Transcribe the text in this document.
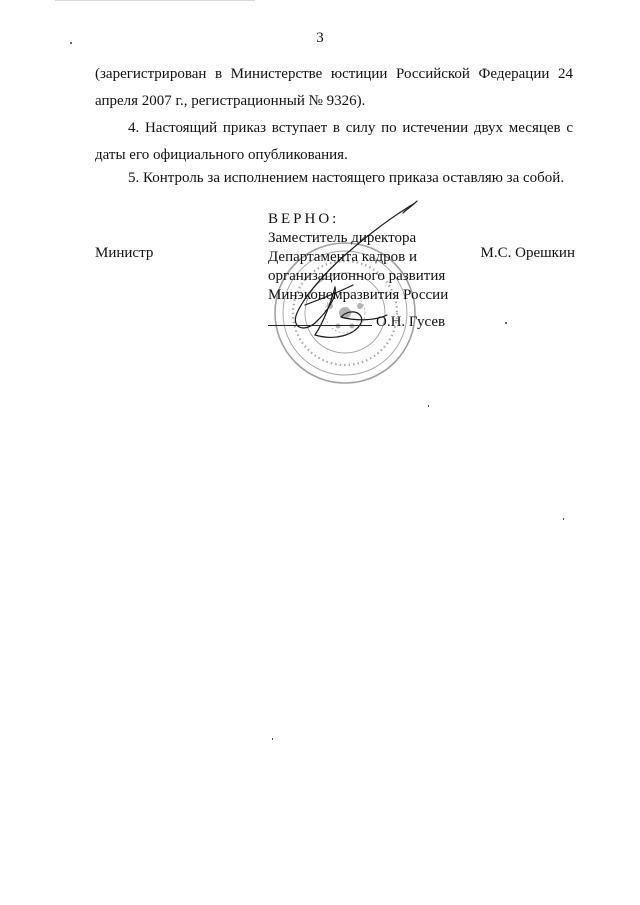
3

(зарегистрирован в Министерстве юстиции Российской Федерации 24 апреля 2007 г., регистрационный № 9326).

4. Настоящий приказ вступает в силу по истечении двух месяцев с даты его официального опубликования.

5. Контроль за исполнением настоящего приказа оставляю за собой.

Министр	М.С. Орешкин
ВЕРНО:
Заместитель директора
Департамента кадров и
организационного развития
Минэкономразвития России
О.Н. Гусев
